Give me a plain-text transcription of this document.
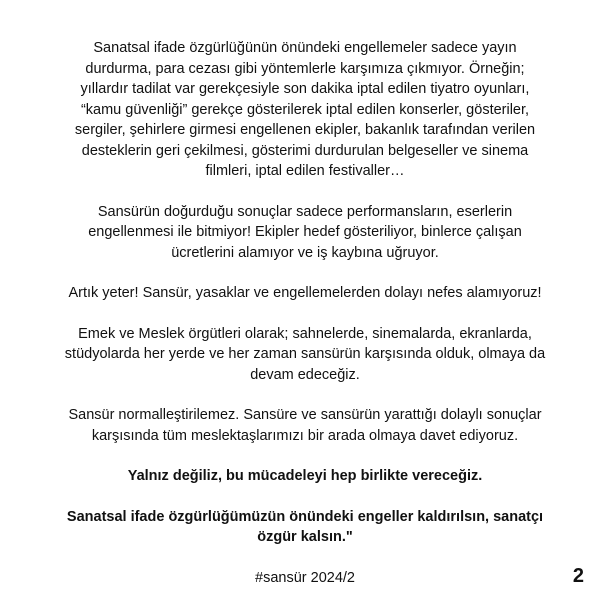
Sanatsal ifade özgürlüğünün önündeki engellemeler sadece yayın durdurma, para cezası gibi yöntemlerle karşımıza çıkmıyor. Örneğin; yıllardır tadilat var gerekçesiyle son dakika iptal edilen tiyatro oyunları, “kamu güvenliği” gerekçe gösterilerek iptal edilen konserler, gösteriler, sergiler, şehirlere girmesi engellenen ekipler, bakanlık tarafından verilen desteklerin geri çekilmesi, gösterimi durdurulan belgeseller ve sinema filmleri, iptal edilen festivaller…

Sansürün doğurduğu sonuçlar sadece performansların, eserlerin engellenmesi ile bitmiyor! Ekipler hedef gösteriliyor, binlerce çalışan ücretlerini alamıyor ve iş kaybına uğruyor.

Artık yeter! Sansür, yasaklar ve engellemelerden dolayı nefes alamıyoruz!

Emek ve Meslek örgütleri olarak; sahnelerde, sinemalarda, ekranlarda, stüdyolarda her yerde ve her zaman sansürün karşısında olduk, olmaya da devam edeceğiz.

Sansür normalleştirilemez. Sansüre ve sansürün yarattığı dolaylı sonuçlar karşısında tüm meslektaşlarımızı bir arada olmaya davet ediyoruz.

Yalnız değiliz, bu mücadeleyi hep birlikte vereceğiz.

Sanatsal ifade özgürlüğümüzün önündeki engeller kaldırılsın, sanatçı özgür kalsın."

#sansür 2024/2	2
